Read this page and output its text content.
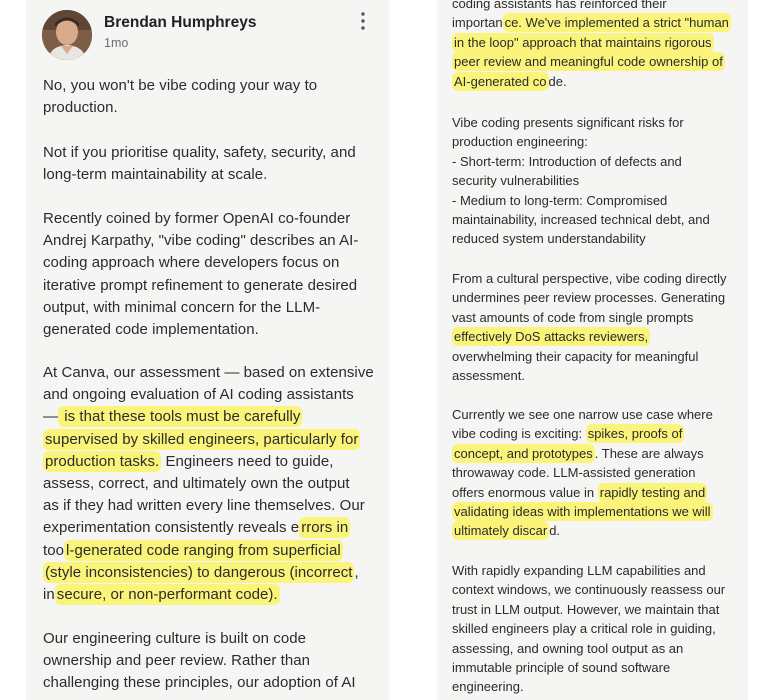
Brendan Humphreys
1mo

No, you won't be vibe coding your way to
production.

Not if you prioritise quality, safety, security, and
long-term maintainability at scale.

Recently coined by former OpenAI co-founder
Andrej Karpathy, "vibe coding" describes an AI-
coding approach where developers focus on
iterative prompt refinement to generate desired
output, with minimal concern for the LLM-
generated code implementation.

At Canva, our assessment — based on extensive
and ongoing evaluation of AI coding assistants
— is that these tools must be carefully
supervised by skilled engineers, particularly for
production tasks. Engineers need to guide,
assess, correct, and ultimately own the output
as if they had written every line themselves. Our
experimentation consistently reveals e rrors in
too l-generated code ranging from superficial
(style inconsistencies) to dangerous (incorrect ,
in secure, or non-performant code).

Our engineering culture is built on code
ownership and peer review. Rather than
challenging these principles, our adoption of AI

coding assistants has reinforced their
importan ce. We've implemented a strict "human
in the loop" approach that maintains rigorous
peer review and meaningful code ownership of
AI-generated co de.

Vibe coding presents significant risks for
production engineering:
- Short-term: Introduction of defects and
security vulnerabilities
- Medium to long-term: Compromised
maintainability, increased technical debt, and
reduced system understandability

From a cultural perspective, vibe coding directly
undermines peer review processes. Generating
vast amounts of code from single prompts
effectively DoS attacks reviewers,
overwhelming their capacity for meaningful
assessment.

Currently we see one narrow use case where
vibe coding is exciting: spikes, proofs of
concept, and prototypes . These are always
throwaway code. LLM-assisted generation
offers enormous value in rapidly testing and
validating ideas with implementations we will
ultimately discar d.

With rapidly expanding LLM capabilities and
context windows, we continuously reassess our
trust in LLM output. However, we maintain that
skilled engineers play a critical role in guiding,
assessing, and owning tool output as an
immutable principle of sound software
engineering.
